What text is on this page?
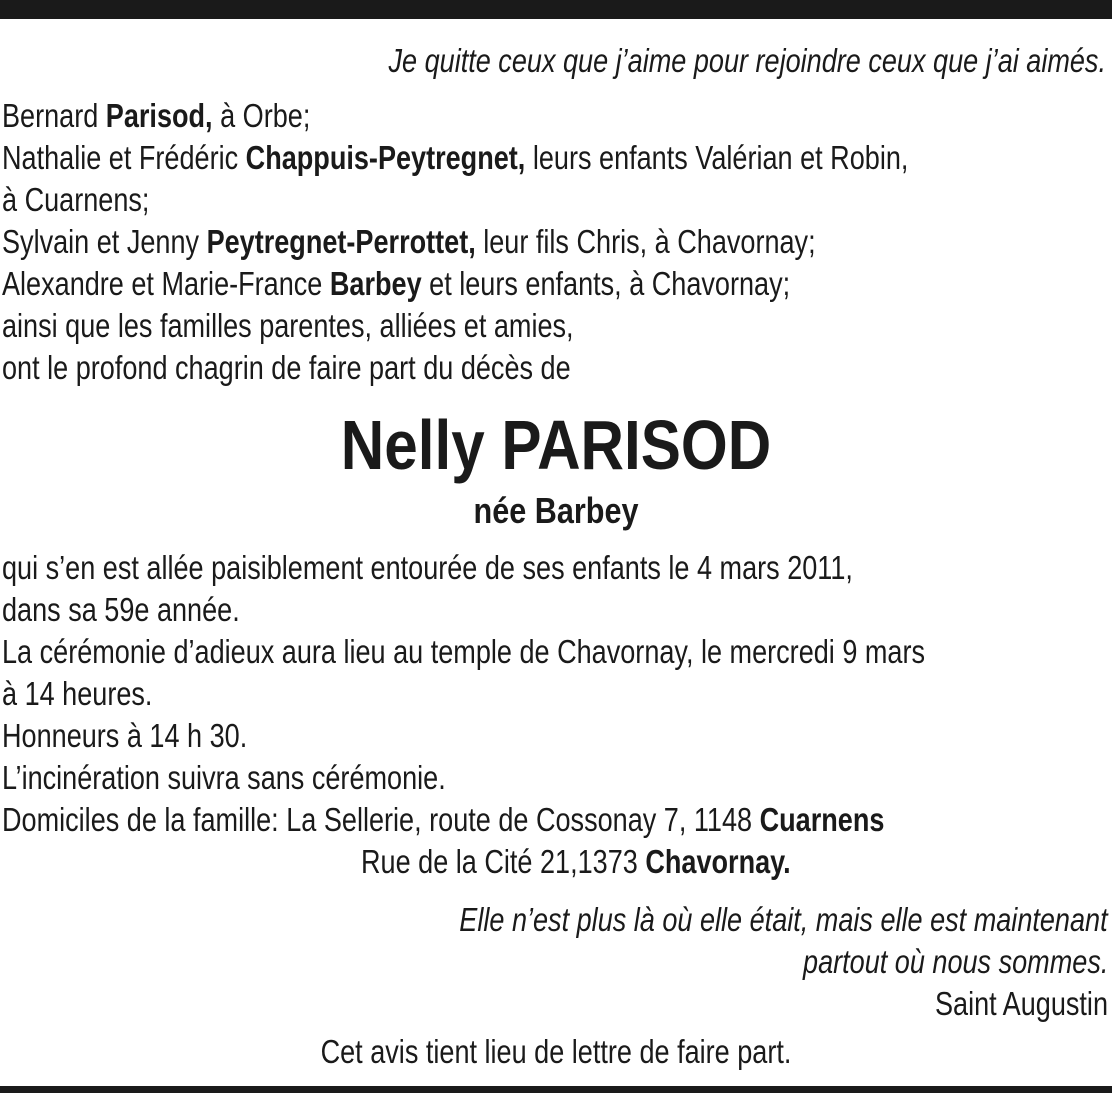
Je quitte ceux que j’aime pour rejoindre ceux que j’ai aimés.
Bernard Parisod, à Orbe;
Nathalie et Frédéric Chappuis-Peytregnet, leurs enfants Valérian et Robin,
à Cuarnens;
Sylvain et Jenny Peytregnet-Perrottet, leur fils Chris, à Chavornay;
Alexandre et Marie-France Barbey et leurs enfants, à Chavornay;
ainsi que les familles parentes, alliées et amies,
ont le profond chagrin de faire part du décès de
Nelly PARISOD
née Barbey
qui s’en est allée paisiblement entourée de ses enfants le 4 mars 2011,
dans sa 59e année.
La cérémonie d’adieux aura lieu au temple de Chavornay, le mercredi 9 mars
à 14 heures.
Honneurs à 14 h 30.
L’incinération suivra sans cérémonie.
Domiciles de la famille: La Sellerie, route de Cossonay 7, 1148 Cuarnens
Rue de la Cité 21,1373 Chavornay.
Elle n’est plus là où elle était, mais elle est maintenant
partout où nous sommes.
Saint Augustin
Cet avis tient lieu de lettre de faire part.
